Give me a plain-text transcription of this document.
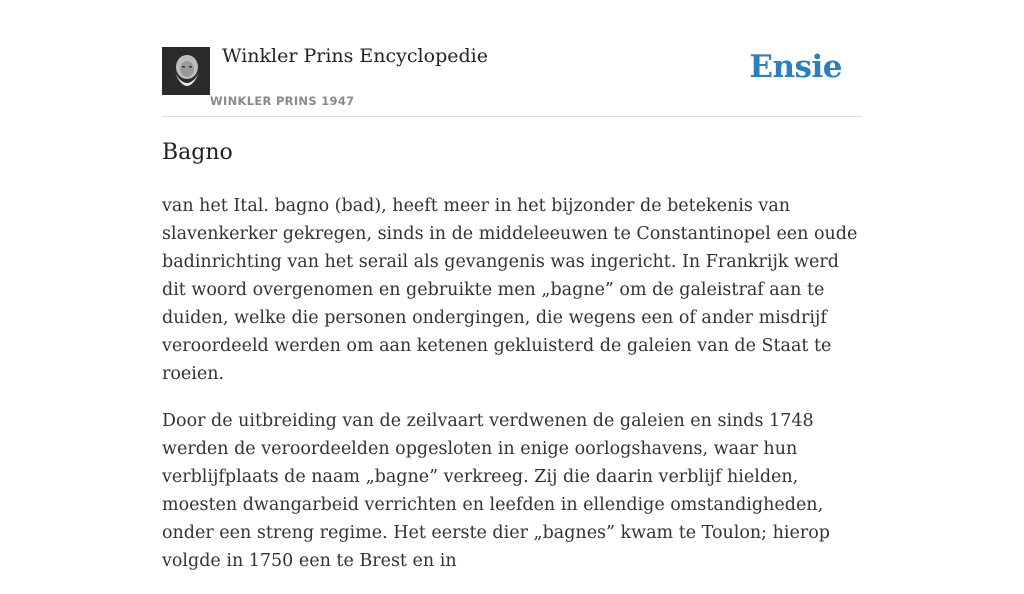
Winkler Prins Encyclopedie
WINKLER PRINS 1947
Ensie
Bagno

van het Ital. bagno (bad), heeft meer in het bijzonder de betekenis van slavenkerker gekregen, sinds in de middeleeuwen te Constantinopel een oude badinrichting van het serail als gevangenis was ingericht. In Frankrijk werd dit woord overgenomen en gebruikte men „bagne” om de galeistraf aan te duiden, welke die personen ondergingen, die wegens een of ander misdrijf veroordeeld werden om aan ketenen gekluisterd de galeien van de Staat te roeien.

Door de uitbreiding van de zeilvaart verdwenen de galeien en sinds 1748 werden de veroordeelden opgesloten in enige oorlogshavens, waar hun verblijfplaats de naam „bagne” verkreeg. Zij die daarin verblijf hielden, moesten dwangarbeid verrichten en leefden in ellendige omstandigheden, onder een streng regime. Het eerste dier „bagnes” kwam te Toulon; hierop volgde in 1750 een te Brest en in
